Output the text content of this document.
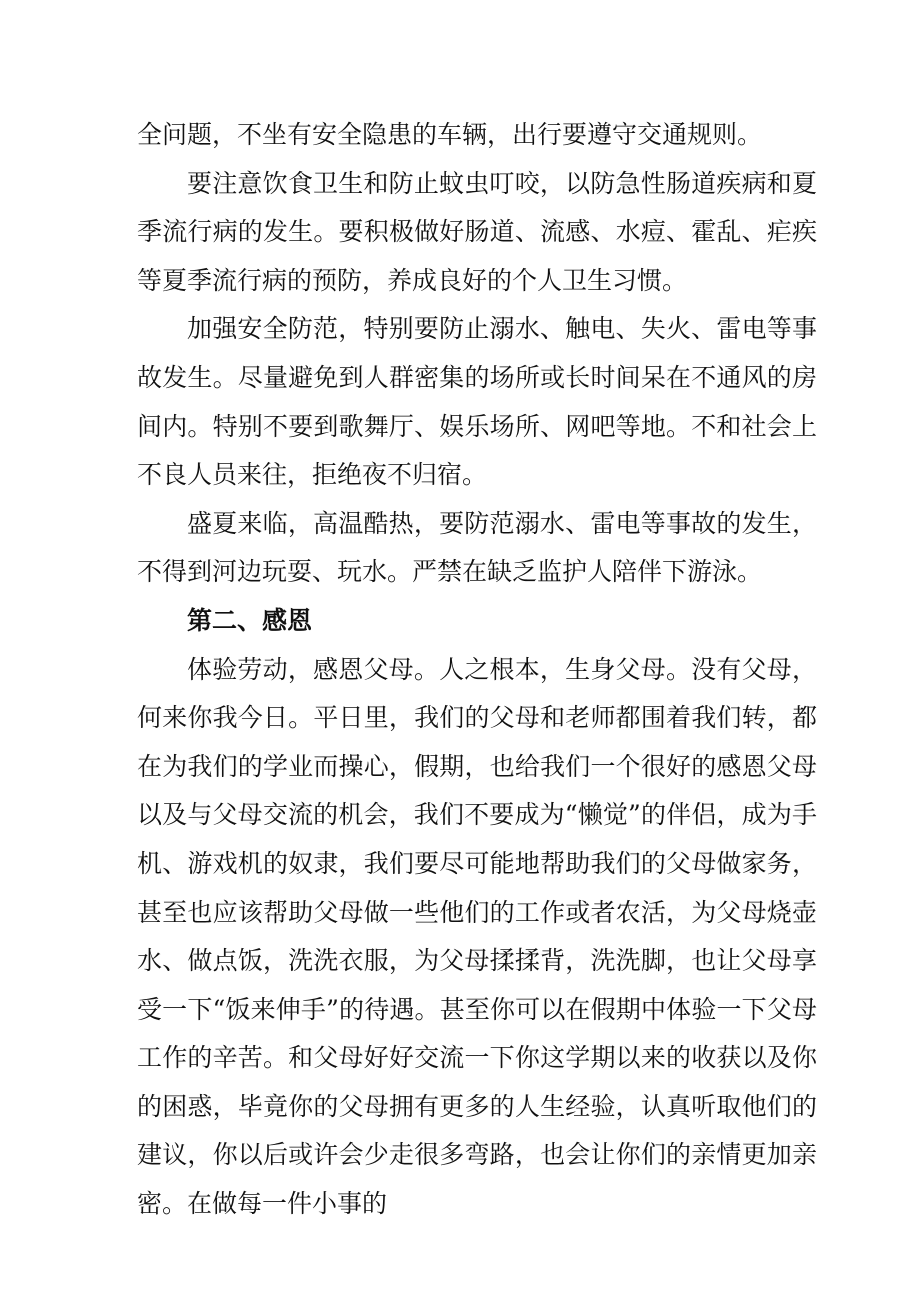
全问题，不坐有安全隐患的车辆，出行要遵守交通规则。

要注意饮食卫生和防止蚊虫叮咬，以防急性肠道疾病和夏季流行病的发生。要积极做好肠道、流感、水痘、霍乱、疟疾等夏季流行病的预防，养成良好的个人卫生习惯。

加强安全防范，特别要防止溺水、触电、失火、雷电等事故发生。尽量避免到人群密集的场所或长时间呆在不通风的房间内。特别不要到歌舞厅、娱乐场所、网吧等地。不和社会上不良人员来往，拒绝夜不归宿。

盛夏来临，高温酷热，要防范溺水、雷电等事故的发生，不得到河边玩耍、玩水。严禁在缺乏监护人陪伴下游泳。

第二、感恩

体验劳动，感恩父母。人之根本，生身父母。没有父母，何来你我今日。平日里，我们的父母和老师都围着我们转，都在为我们的学业而操心，假期，也给我们一个很好的感恩父母以及与父母交流的机会，我们不要成为“懒觉”的伴侣，成为手机、游戏机的奴隶，我们要尽可能地帮助我们的父母做家务，甚至也应该帮助父母做一些他们的工作或者农活，为父母烧壶水、做点饭，洗洗衣服，为父母揉揉背，洗洗脚，也让父母享受一下“饭来伸手”的待遇。甚至你可以在假期中体验一下父母工作的辛苦。和父母好好交流一下你这学期以来的收获以及你的困惑，毕竟你的父母拥有更多的人生经验，认真听取他们的建议，你以后或许会少走很多弯路，也会让你们的亲情更加亲密。在做每一件小事的
